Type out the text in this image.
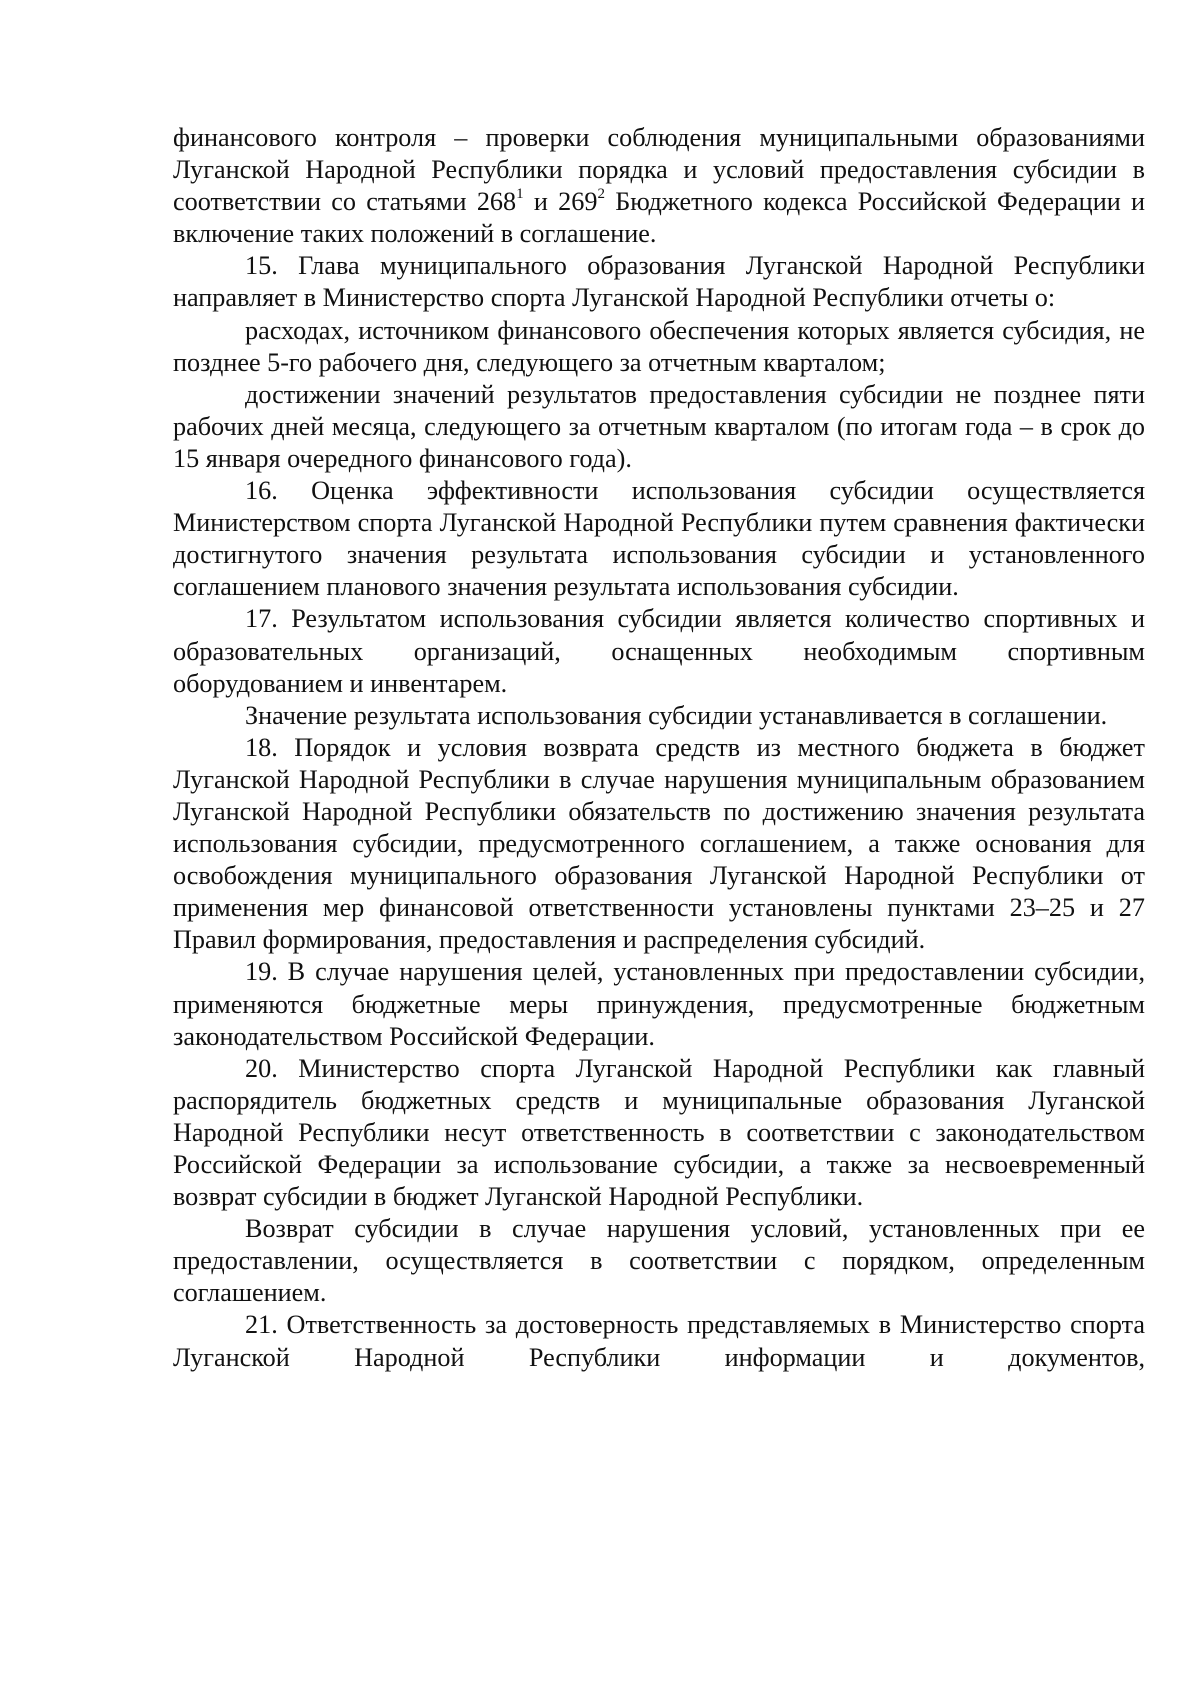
финансового контроля – проверки соблюдения муниципальными образованиями Луганской Народной Республики порядка и условий предоставления субсидии в соответствии со статьями $268^1$ и $269^2$ Бюджетного кодекса Российской Федерации и включение таких положений в соглашение.

15. Глава муниципального образования Луганской Народной Республики направляет в Министерство спорта Луганской Народной Республики отчеты о:

расходах, источником финансового обеспечения которых является субсидия, не позднее 5-го рабочего дня, следующего за отчетным кварталом;

достижении значений результатов предоставления субсидии не позднее пяти рабочих дней месяца, следующего за отчетным кварталом (по итогам года – в срок до 15 января очередного финансового года).

16. Оценка эффективности использования субсидии осуществляется Министерством спорта Луганской Народной Республики путем сравнения фактически достигнутого значения результата использования субсидии и установленного соглашением планового значения результата использования субсидии.

17. Результатом использования субсидии является количество спортивных и образовательных организаций, оснащенных необходимым спортивным оборудованием и инвентарем.

Значение результата использования субсидии устанавливается в соглашении.

18. Порядок и условия возврата средств из местного бюджета в бюджет Луганской Народной Республики в случае нарушения муниципальным образованием Луганской Народной Республики обязательств по достижению значения результата использования субсидии, предусмотренного соглашением, а также основания для освобождения муниципального образования Луганской Народной Республики от применения мер финансовой ответственности установлены пунктами 23–25 и 27 Правил формирования, предоставления и распределения субсидий.

19. В случае нарушения целей, установленных при предоставлении субсидии, применяются бюджетные меры принуждения, предусмотренные бюджетным законодательством Российской Федерации.

20. Министерство спорта Луганской Народной Республики как главный распорядитель бюджетных средств и муниципальные образования Луганской Народной Республики несут ответственность в соответствии с законодательством Российской Федерации за использование субсидии, а также за несвоевременный возврат субсидии в бюджет Луганской Народной Республики.

Возврат субсидии в случае нарушения условий, установленных при ее предоставлении, осуществляется в соответствии с порядком, определенным соглашением.

21. Ответственность за достоверность представляемых в Министерство спорта Луганской Народной Республики информации и документов,
